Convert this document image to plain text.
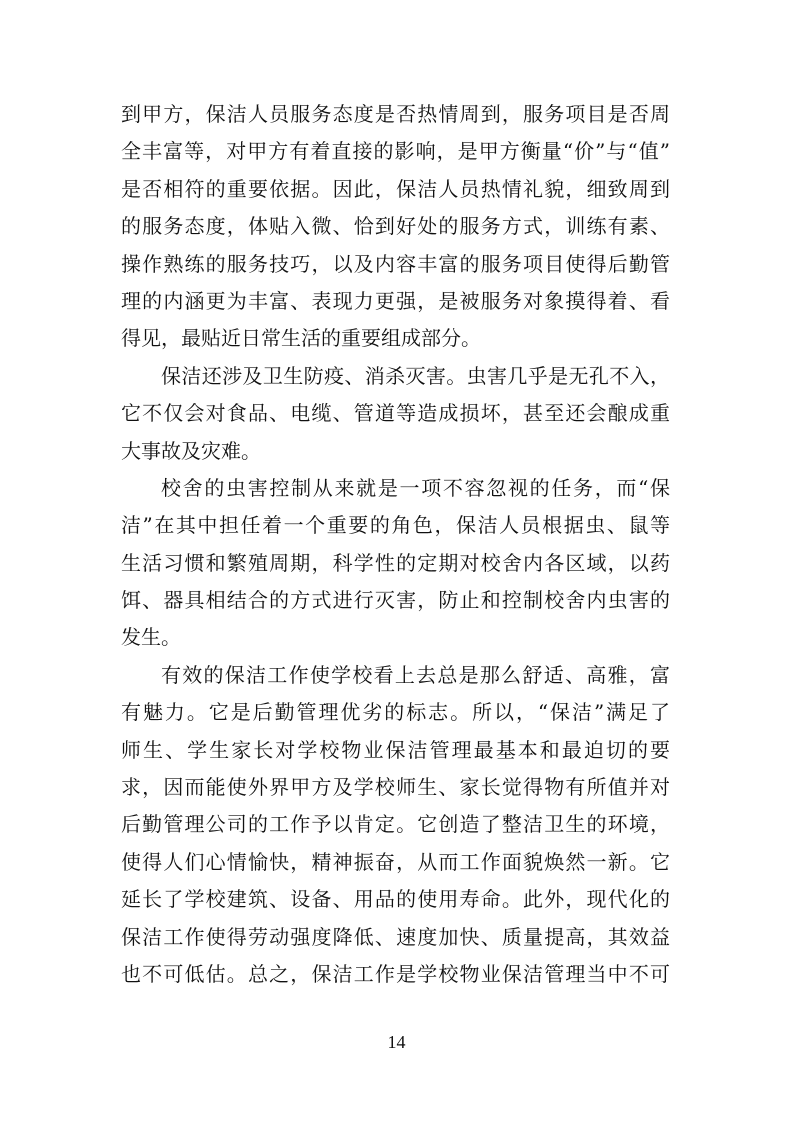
到甲方，保洁人员服务态度是否热情周到，服务项目是否周
全丰富等，对甲方有着直接的影响，是甲方衡量“价”与“值”
是否相符的重要依据。因此，保洁人员热情礼貌，细致周到
的服务态度，体贴入微、恰到好处的服务方式，训练有素、
操作熟练的服务技巧，以及内容丰富的服务项目使得后勤管
理的内涵更为丰富、表现力更强，是被服务对象摸得着、看
得见，最贴近日常生活的重要组成部分。
保洁还涉及卫生防疫、消杀灭害。虫害几乎是无孔不入，
它不仅会对食品、电缆、管道等造成损坏，甚至还会酿成重
大事故及灾难。
校舍的虫害控制从来就是一项不容忽视的任务，而“保
洁”在其中担任着一个重要的角色，保洁人员根据虫、鼠等
生活习惯和繁殖周期，科学性的定期对校舍内各区域，以药
饵、器具相结合的方式进行灭害，防止和控制校舍内虫害的
发生。
有效的保洁工作使学校看上去总是那么舒适、高雅，富
有魅力。它是后勤管理优劣的标志。所以，“保洁”满足了
师生、学生家长对学校物业保洁管理最基本和最迫切的要
求，因而能使外界甲方及学校师生、家长觉得物有所值并对
后勤管理公司的工作予以肯定。它创造了整洁卫生的环境，
使得人们心情愉快，精神振奋，从而工作面貌焕然一新。它
延长了学校建筑、设备、用品的使用寿命。此外，现代化的
保洁工作使得劳动强度降低、速度加快、质量提高，其效益
也不可低估。总之，保洁工作是学校物业保洁管理当中不可
14
